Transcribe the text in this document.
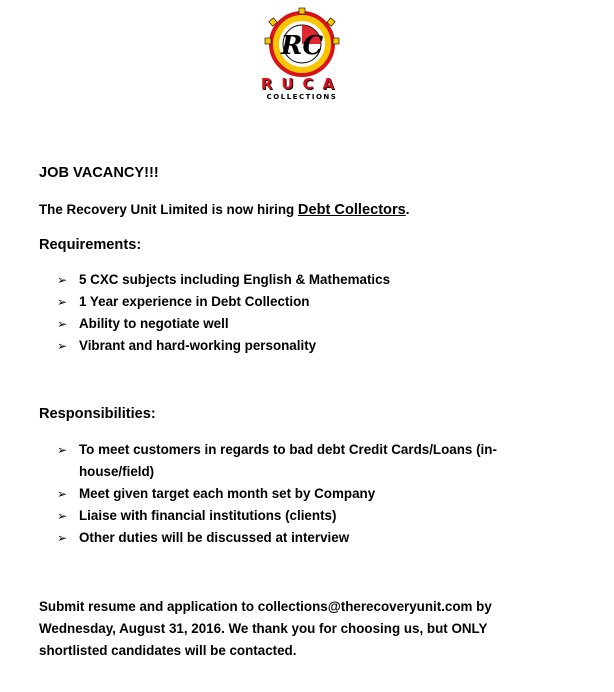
RC
RUCA
COLLECTIONS
JOB VACANCY!!!
The Recovery Unit Limited is now hiring Debt Collectors.
Requirements:
➢ 5 CXC subjects including English & Mathematics
➢ 1 Year experience in Debt Collection
➢ Ability to negotiate well
➢ Vibrant and hard-working personality
Responsibilities:
➢ To meet customers in regards to bad debt Credit Cards/Loans (in-
house/field)
➢ Meet given target each month set by Company
➢ Liaise with financial institutions (clients)
➢ Other duties will be discussed at interview
Submit resume and application to collections@therecoveryunit.com by
Wednesday, August 31, 2016. We thank you for choosing us, but ONLY
shortlisted candidates will be contacted.
